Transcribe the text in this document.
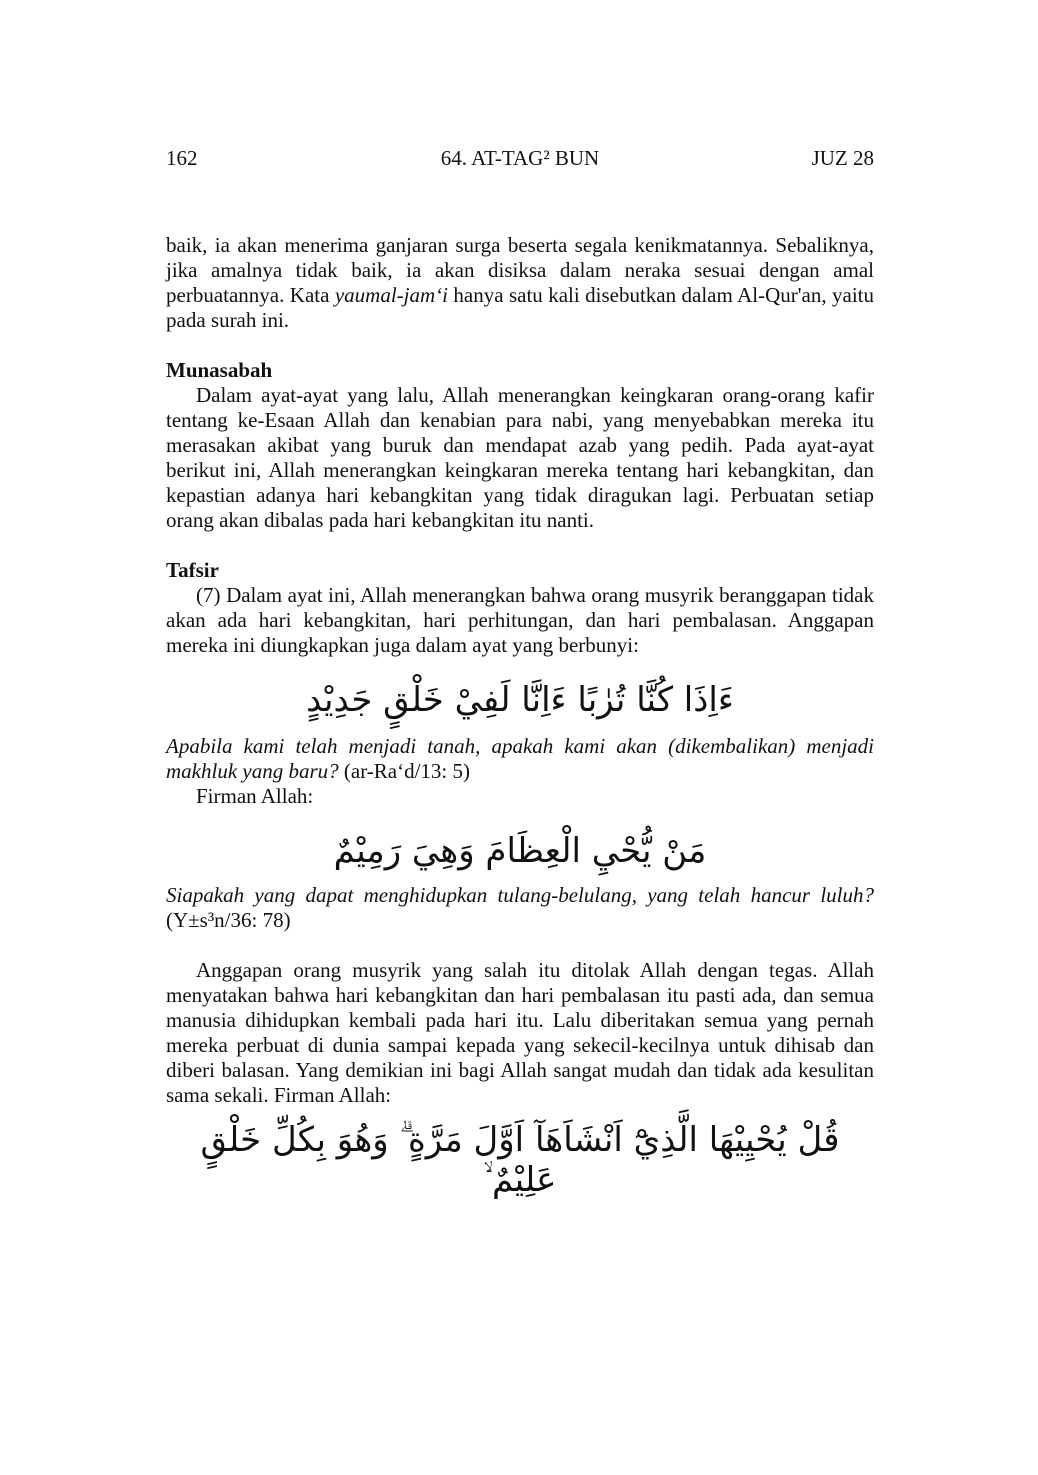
162	64. AT-TAG² BUN	JUZ 28

baik, ia akan menerima ganjaran surga beserta segala kenikmatannya. Sebaliknya, jika amalnya tidak baik, ia akan disiksa dalam neraka sesuai dengan amal perbuatannya. Kata yaumal-jam‘i hanya satu kali disebutkan dalam Al-Qur'an, yaitu pada surah ini.

Munasabah

Dalam ayat-ayat yang lalu, Allah menerangkan keingkaran orang-orang kafir tentang ke-Esaan Allah dan kenabian para nabi, yang menyebabkan mereka itu merasakan akibat yang buruk dan mendapat azab yang pedih. Pada ayat-ayat berikut ini, Allah menerangkan keingkaran mereka tentang hari kebangkitan, dan kepastian adanya hari kebangkitan yang tidak diragukan lagi. Perbuatan setiap orang akan dibalas pada hari kebangkitan itu nanti.

Tafsir

(7) Dalam ayat ini, Allah menerangkan bahwa orang musyrik beranggapan tidak akan ada hari kebangkitan, hari perhitungan, dan hari pembalasan. Anggapan mereka ini diungkapkan juga dalam ayat yang berbunyi:

ءَاِذَا كُنَّا تُرٰبًا ءَاِنَّا لَفِيْ خَلْقٍ جَدِيْدٍ

Apabila kami telah menjadi tanah, apakah kami akan (dikembalikan) menjadi makhluk yang baru? (ar-Ra‘d/13: 5)

Firman Allah:

مَنْ يُّحْيِ الْعِظَامَ وَهِيَ رَمِيْمٌ

Siapakah yang dapat menghidupkan tulang-belulang, yang telah hancur luluh? (Y±s³n/36: 78)

Anggapan orang musyrik yang salah itu ditolak Allah dengan tegas. Allah menyatakan bahwa hari kebangkitan dan hari pembalasan itu pasti ada, dan semua manusia dihidupkan kembali pada hari itu. Lalu diberitakan semua yang pernah mereka perbuat di dunia sampai kepada yang sekecil-kecilnya untuk dihisab dan diberi balasan. Yang demikian ini bagi Allah sangat mudah dan tidak ada kesulitan sama sekali. Firman Allah:

قُلْ يُحْيِيْهَا الَّذِيْٓ اَنْشَاَهَآ اَوَّلَ مَرَّةٍ ۗ وَهُوَ بِكُلِّ خَلْقٍ عَلِيْمٌ ۙ
